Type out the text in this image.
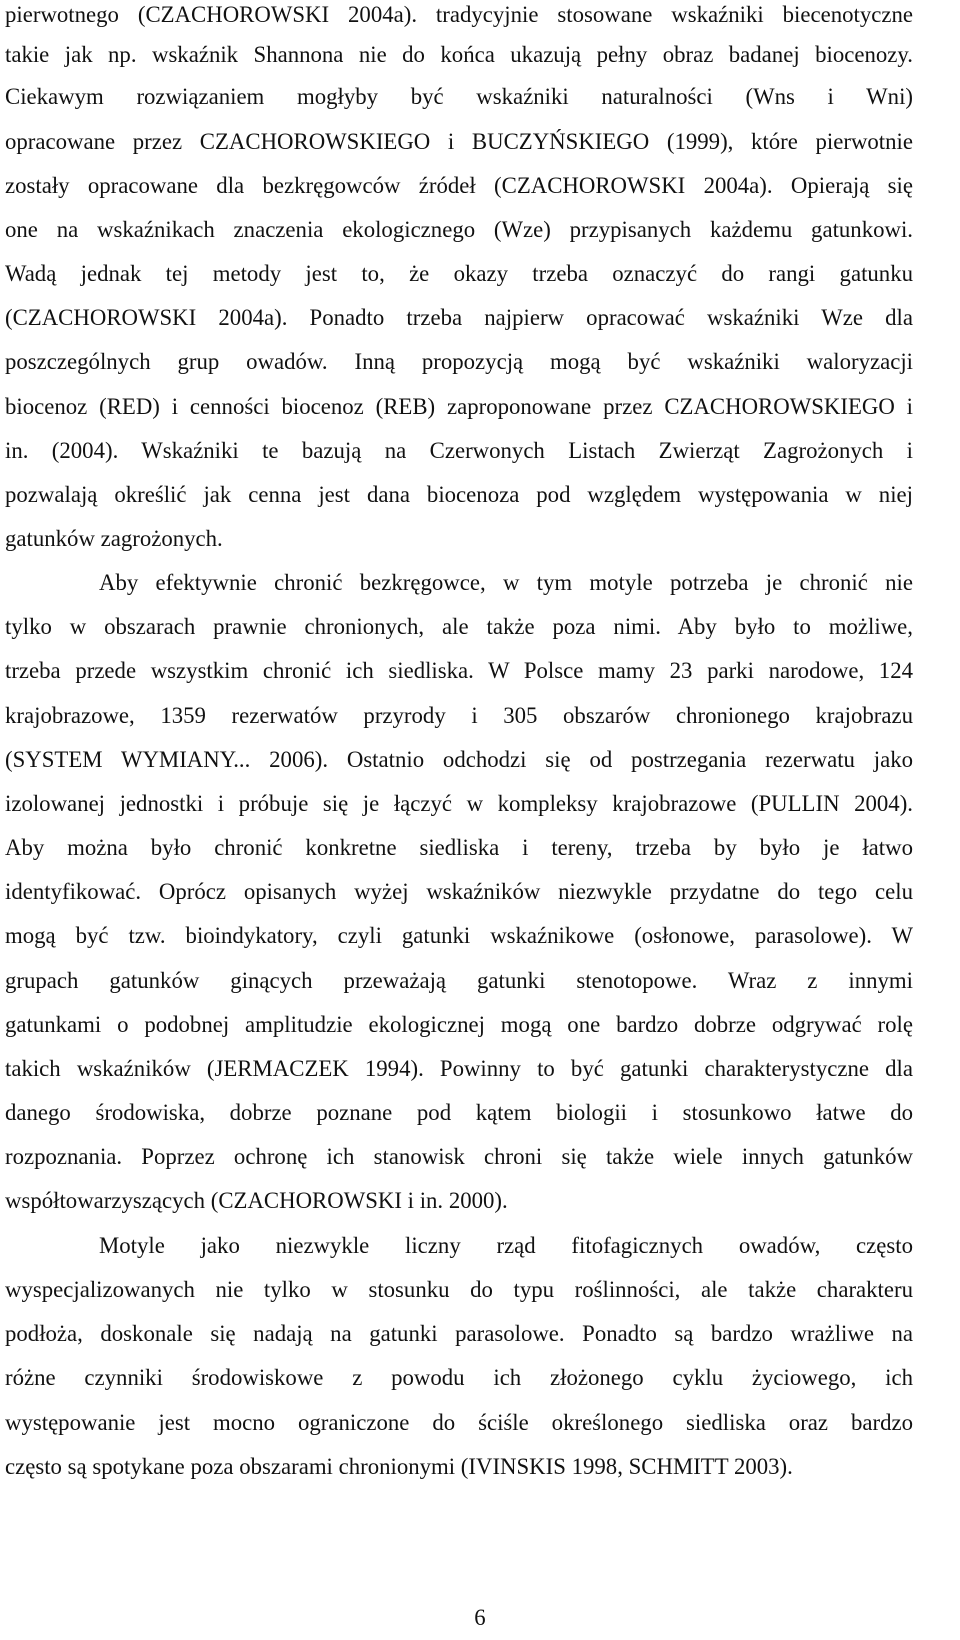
pierwotnego (CZACHOROWSKI 2004a). tradycyjnie stosowane wskaźniki biecenotyczne
takie jak np. wskaźnik Shannona nie do końca ukazują pełny obraz badanej biocenozy.
Ciekawym rozwiązaniem mogłyby być wskaźniki naturalności (Wns i Wni)
opracowane przez CZACHOROWSKIEGO i BUCZYŃSKIEGO (1999), które pierwotnie
zostały opracowane dla bezkręgowców źródeł (CZACHOROWSKI 2004a). Opierają się
one na wskaźnikach znaczenia ekologicznego (Wze) przypisanych każdemu gatunkowi.
Wadą jednak tej metody jest to, że okazy trzeba oznaczyć do rangi gatunku
(CZACHOROWSKI 2004a). Ponadto trzeba najpierw opracować wskaźniki Wze dla
poszczególnych grup owadów. Inną propozycją mogą być wskaźniki waloryzacji
biocenoz (RED) i cenności biocenoz (REB) zaproponowane przez CZACHOROWSKIEGO i
in. (2004). Wskaźniki te bazują na Czerwonych Listach Zwierząt Zagrożonych i
pozwalają określić jak cenna jest dana biocenoza pod względem występowania w niej
gatunków zagrożonych.
Aby efektywnie chronić bezkręgowce, w tym motyle potrzeba je chronić nie
tylko w obszarach prawnie chronionych, ale także poza nimi. Aby było to możliwe,
trzeba przede wszystkim chronić ich siedliska. W Polsce mamy 23 parki narodowe, 124
krajobrazowe, 1359 rezerwatów przyrody i 305 obszarów chronionego krajobrazu
(SYSTEM WYMIANY... 2006). Ostatnio odchodzi się od postrzegania rezerwatu jako
izolowanej jednostki i próbuje się je łączyć w kompleksy krajobrazowe (PULLIN 2004).
Aby można było chronić konkretne siedliska i tereny, trzeba by było je łatwo
identyfikować. Oprócz opisanych wyżej wskaźników niezwykle przydatne do tego celu
mogą być tzw. bioindykatory, czyli gatunki wskaźnikowe (osłonowe, parasolowe). W
grupach gatunków ginących przeważają gatunki stenotopowe. Wraz z innymi
gatunkami o podobnej amplitudzie ekologicznej mogą one bardzo dobrze odgrywać rolę
takich wskaźników (JERMACZEK 1994). Powinny to być gatunki charakterystyczne dla
danego środowiska, dobrze poznane pod kątem biologii i stosunkowo łatwe do
rozpoznania. Poprzez ochronę ich stanowisk chroni się także wiele innych gatunków
współtowarzyszących (CZACHOROWSKI i in. 2000).
Motyle jako niezwykle liczny rząd fitofagicznych owadów, często
wyspecjalizowanych nie tylko w stosunku do typu roślinności, ale także charakteru
podłoża, doskonale się nadają na gatunki parasolowe. Ponadto są bardzo wrażliwe na
różne czynniki środowiskowe z powodu ich złożonego cyklu życiowego, ich
występowanie jest mocno ograniczone do ściśle określonego siedliska oraz bardzo
często są spotykane poza obszarami chronionymi (IVINSKIS 1998, SCHMITT 2003).
6
